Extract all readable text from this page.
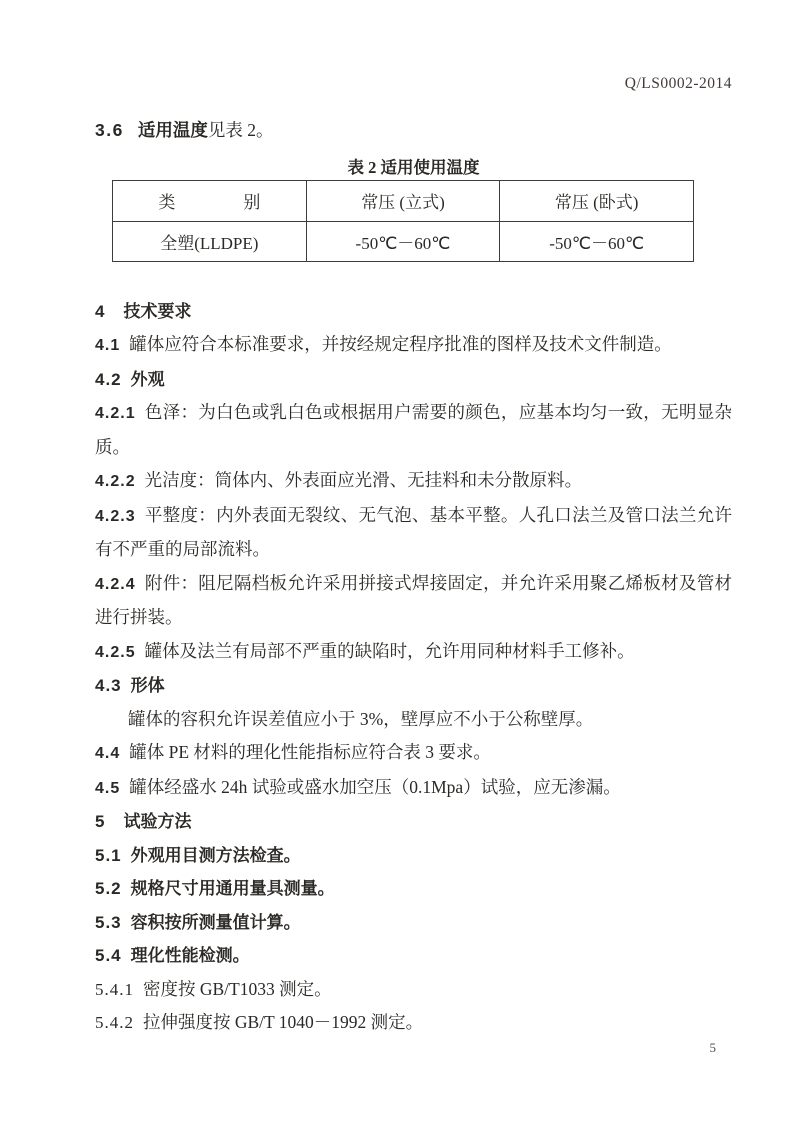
Q/LS0002-2014

3.6 适用温度见表 2。

表 2 适用使用温度
类　　　　别	常压 (立式)	常压 (卧式)
全塑(LLDPE)	-50℃－60℃	-50℃－60℃

4 技术要求

4.1 罐体应符合本标准要求，并按经规定程序批准的图样及技术文件制造。

4.2 外观

4.2.1 色泽：为白色或乳白色或根据用户需要的颜色，应基本均匀一致，无明显杂质。

4.2.2 光洁度：筒体内、外表面应光滑、无挂料和未分散原料。

4.2.3 平整度：内外表面无裂纹、无气泡、基本平整。人孔口法兰及管口法兰允许有不严重的局部流料。

4.2.4 附件：阻尼隔档板允许采用拼接式焊接固定，并允许采用聚乙烯板材及管材进行拼装。

4.2.5 罐体及法兰有局部不严重的缺陷时，允许用同种材料手工修补。

4.3 形体

罐体的容积允许误差值应小于 3%，壁厚应不小于公称壁厚。

4.4 罐体 PE 材料的理化性能指标应符合表 3 要求。

4.5 罐体经盛水 24h 试验或盛水加空压（0.1Mpa）试验，应无渗漏。

5 试验方法

5.1 外观用目测方法检查。

5.2 规格尺寸用通用量具测量。

5.3 容积按所测量值计算。

5.4 理化性能检测。

5.4.1 密度按 GB/T1033 测定。

5.4.2 拉伸强度按 GB/T 1040－1992 测定。

5
